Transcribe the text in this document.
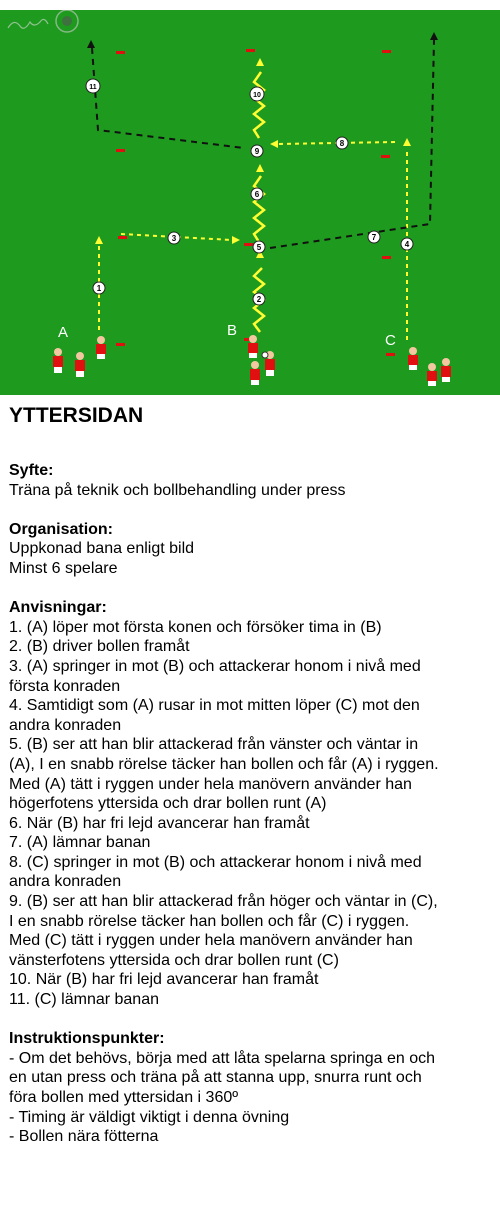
1
2
3
4
5
6
7
8
9
10
11
A	B
C
YTTERSIDAN
Syfte:
Träna på teknik och bollbehandling under press
Organisation:
Uppkonad bana enligt bild
Minst 6 spelare
Anvisningar:
1. (A) löper mot första konen och försöker tima in (B)
2. (B) driver bollen framåt
3. (A) springer in mot (B) och attackerar honom i nivå med
första konraden
4. Samtidigt som (A) rusar in mot mitten löper (C) mot den
andra konraden
5. (B) ser att han blir attackerad från vänster och väntar in
(A), I en snabb rörelse täcker han bollen och får (A) i ryggen.
Med (A) tätt i ryggen under hela manövern använder han
högerfotens yttersida och drar bollen runt (A)
6. När (B) har fri lejd avancerar han framåt
7. (A) lämnar banan
8. (C) springer in mot (B) och attackerar honom i nivå med
andra konraden
9. (B) ser att han blir attackerad från höger och väntar in (C),
I en snabb rörelse täcker han bollen och får (C) i ryggen.
Med (C) tätt i ryggen under hela manövern använder han
vänsterfotens yttersida och drar bollen runt (C)
10. När (B) har fri lejd avancerar han framåt
11. (C) lämnar banan
Instruktionspunkter:
- Om det behövs, börja med att låta spelarna springa en och
en utan press och träna på att stanna upp, snurra runt och
föra bollen med yttersidan i 360º
- Timing är väldigt viktigt i denna övning
- Bollen nära fötterna
